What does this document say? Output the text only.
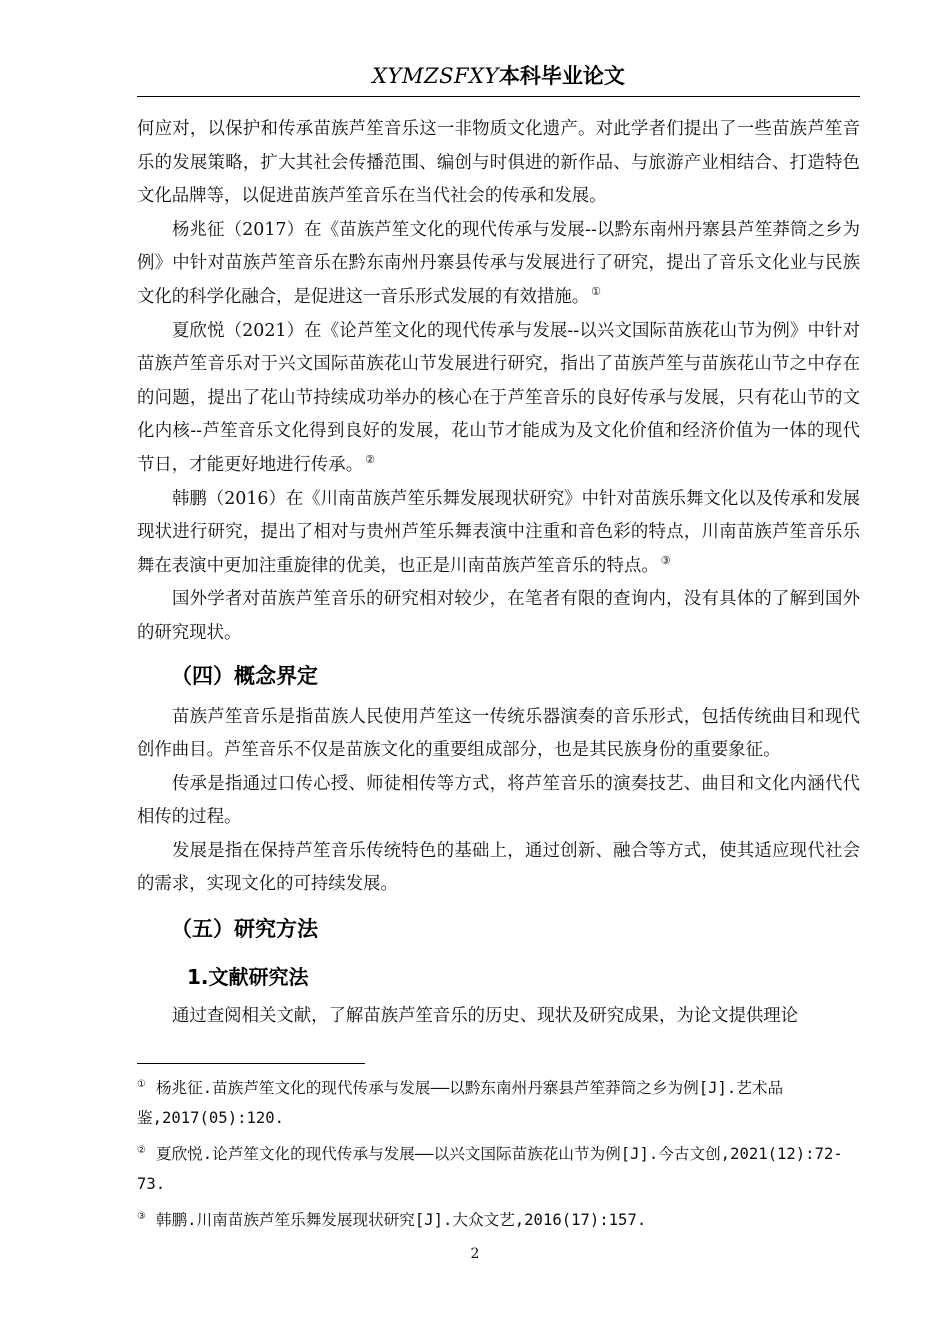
XYMZSFXY本科毕业论文

何应对，以保护和传承苗族芦笙音乐这一非物质文化遗产。对此学者们提出了一些苗族芦笙音乐的发展策略，扩大其社会传播范围、编创与时俱进的新作品、与旅游产业相结合、打造特色文化品牌等，以促进苗族芦笙音乐在当代社会的传承和发展。

杨兆征（2017）在《苗族芦笙文化的现代传承与发展--以黔东南州丹寨县芦笙莽筒之乡为例》中针对苗族芦笙音乐在黔东南州丹寨县传承与发展进行了研究，提出了音乐文化业与民族文化的科学化融合，是促进这一音乐形式发展的有效措施。 ①

夏欣悦（2021）在《论芦笙文化的现代传承与发展--以兴文国际苗族花山节为例》中针对苗族芦笙音乐对于兴文国际苗族花山节发展进行研究，指出了苗族芦笙与苗族花山节之中存在的问题，提出了花山节持续成功举办的核心在于芦笙音乐的良好传承与发展，只有花山节的文化内核--芦笙音乐文化得到良好的发展，花山节才能成为及文化价值和经济价值为一体的现代节日，才能更好地进行传承。 ②

韩鹏（2016）在《川南苗族芦笙乐舞发展现状研究》中针对苗族乐舞文化以及传承和发展现状进行研究，提出了相对与贵州芦笙乐舞表演中注重和音色彩的特点，川南苗族芦笙音乐乐舞在表演中更加注重旋律的优美，也正是川南苗族芦笙音乐的特点。 ③

国外学者对苗族芦笙音乐的研究相对较少，在笔者有限的查询内，没有具体的了解到国外的研究现状。

（四）概念界定

苗族芦笙音乐是指苗族人民使用芦笙这一传统乐器演奏的音乐形式，包括传统曲目和现代创作曲目。芦笙音乐不仅是苗族文化的重要组成部分，也是其民族身份的重要象征。

传承是指通过口传心授、师徒相传等方式，将芦笙音乐的演奏技艺、曲目和文化内涵代代相传的过程。

发展是指在保持芦笙音乐传统特色的基础上，通过创新、融合等方式，使其适应现代社会的需求，实现文化的可持续发展。

（五）研究方法
1.文献研究法

通过查阅相关文献，了解苗族芦笙音乐的历史、现状及研究成果，为论文提供理论

① 杨兆征.苗族芦笙文化的现代传承与发展——以黔东南州丹寨县芦笙莽筒之乡为例[J].艺术品鉴,2017(05):120.

② 夏欣悦.论芦笙文化的现代传承与发展——以兴文国际苗族花山节为例[J].今古文创,2021(12):72-73.

③ 韩鹏.川南苗族芦笙乐舞发展现状研究[J].大众文艺,2016(17):157.

2
